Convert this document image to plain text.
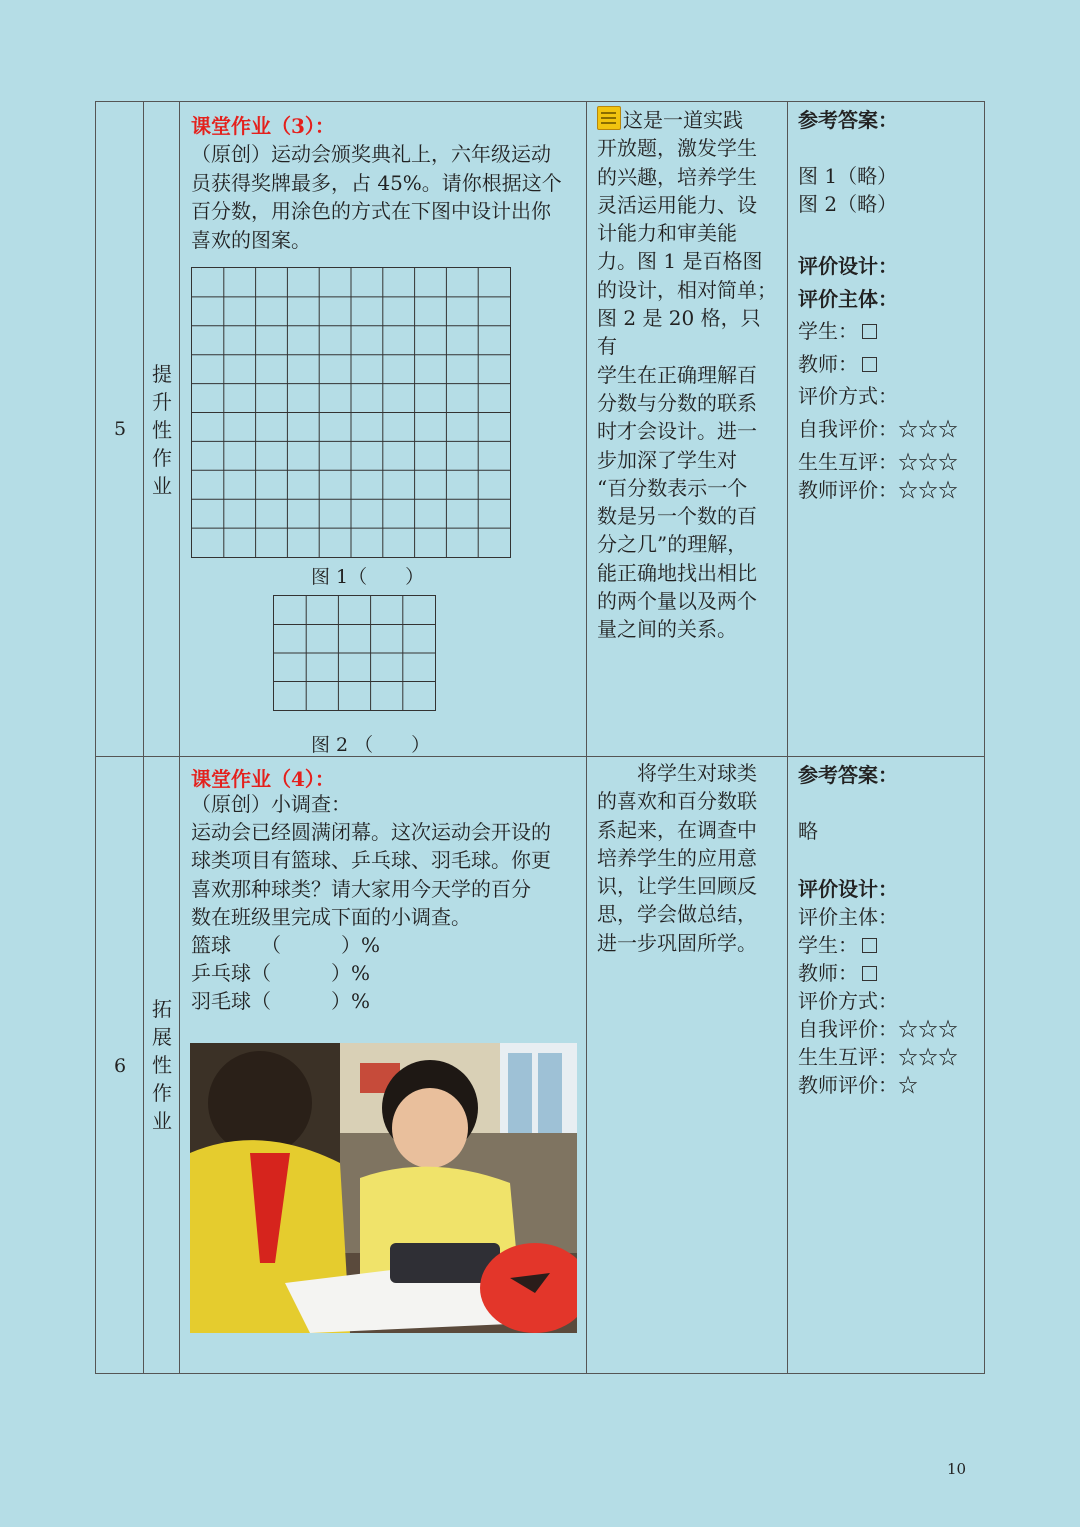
5
提
升
性
作
业
课堂作业（3）：
（原创）运动会颁奖典礼上，六年级运动
员获得奖牌最多，占 45%。请你根据这个
百分数，用涂色的方式在下图中设计出你
喜欢的图案。
图 1（　　）
图 2 （　　）
这是一道实践
开放题，激发学生
的兴趣，培养学生
灵活运用能力、设
计能力和审美能
力。图 1 是百格图
的设计，相对简单；
图 2 是 20 格，只有
学生在正确理解百
分数与分数的联系
时才会设计。进一
步加深了学生对
“百分数表示一个
数是另一个数的百
分之几”的理解，
能正确地找出相比
的两个量以及两个
量之间的关系。
参考答案：
图 1（略）
图 2（略）
评价设计：
评价主体：
学生：
教师：
评价方式：
自我评价：☆☆☆
生生互评：☆☆☆
教师评价：☆☆☆
6
拓
展
性
作
业
课堂作业（4）：
（原创）小调查：
运动会已经圆满闭幕。这次运动会开设的
球类项目有篮球、乒乓球、羽毛球。你更
喜欢那种球类？请大家用今天学的百分
数在班级里完成下面的小调查。
篮球　　（　　　）%
乒乓球（　　　）%
羽毛球（　　　）%
　　将学生对球类
的喜欢和百分数联
系起来，在调查中
培养学生的应用意
识，让学生回顾反
思，学会做总结，
进一步巩固所学。
参考答案：
略
评价设计：
评价主体：
学生：
教师：
评价方式：
自我评价：☆☆☆
生生互评：☆☆☆
教师评价：☆
10
